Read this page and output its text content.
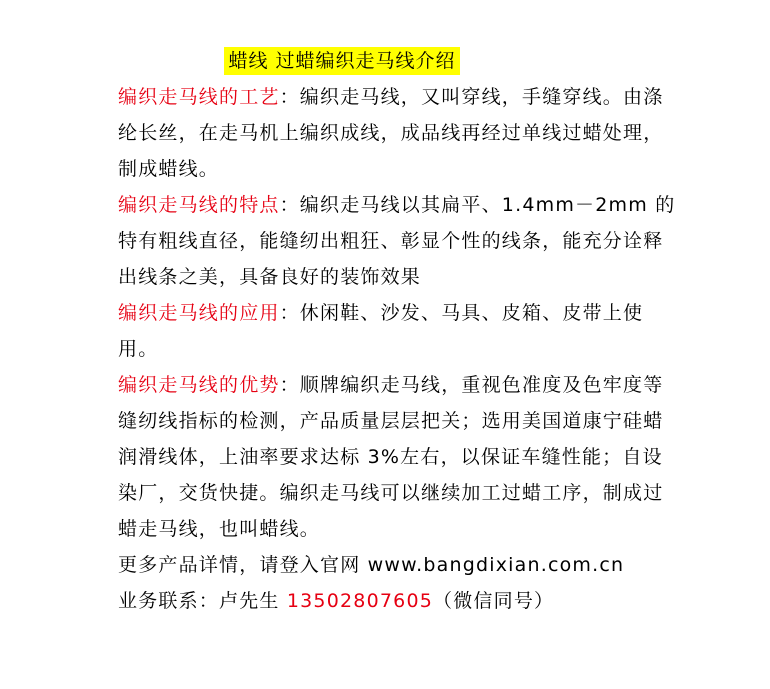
蜡线 过蜡编织走马线介绍

编织走马线的工艺：编织走马线，又叫穿线，手缝穿线。由涤纶长丝，在走马机上编织成线，成品线再经过单线过蜡处理，制成蜡线。

编织走马线的特点：编织走马线以其扁平、1.4mm－2mm 的特有粗线直径，能缝纫出粗狂、彰显个性的线条，能充分诠释出线条之美，具备良好的装饰效果

编织走马线的应用：休闲鞋、沙发、马具、皮箱、皮带上使用。

编织走马线的优势：顺牌编织走马线，重视色准度及色牢度等缝纫线指标的检测，产品质量层层把关；选用美国道康宁硅蜡润滑线体，上油率要求达标 3%左右，以保证车缝性能；自设染厂，交货快捷。编织走马线可以继续加工过蜡工序，制成过蜡走马线，也叫蜡线。

更多产品详情，请登入官网 www.bangdixian.com.cn

业务联系：卢先生 13502807605（微信同号）
